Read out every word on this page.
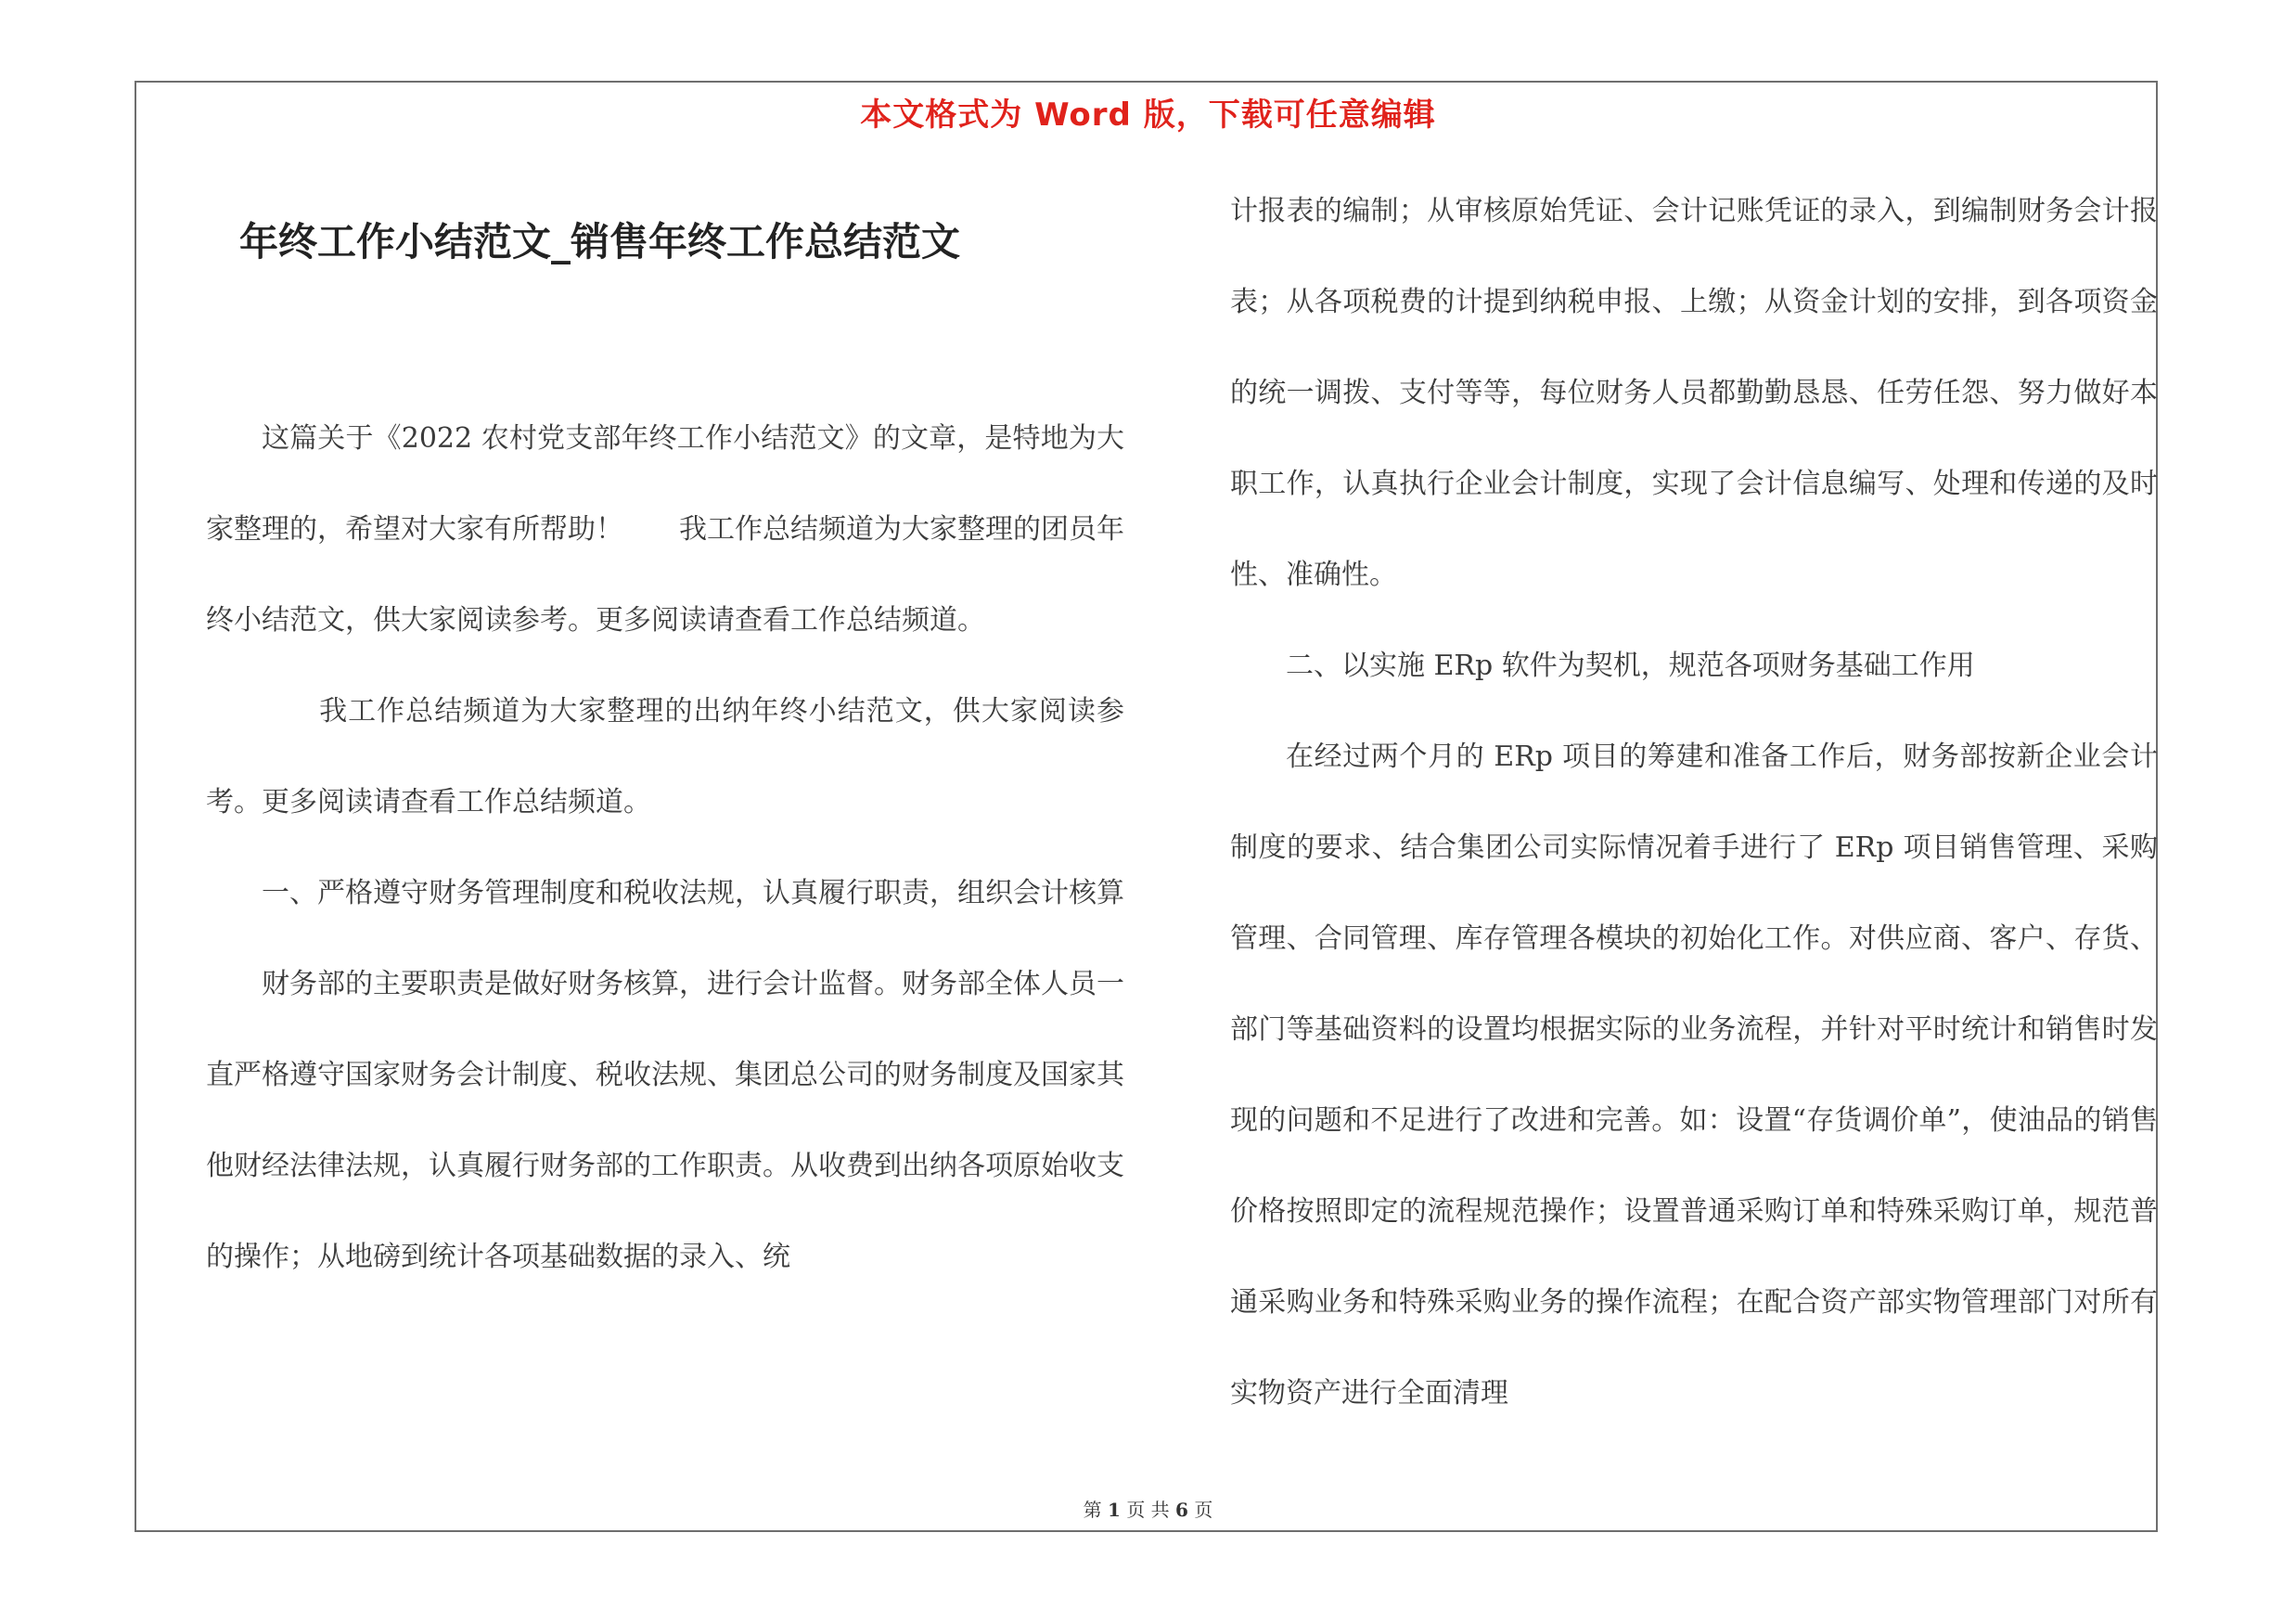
本文格式为 Word 版，下载可任意编辑
年终工作小结范文_销售年终工作总结范文

这篇关于《2022 农村党支部年终工作小结范文》的文章，是特地为大家整理的，希望对大家有所帮助！　　我工作总结频道为大家整理的团员年终小结范文，供大家阅读参考。更多阅读请查看工作总结频道。

　　我工作总结频道为大家整理的出纳年终小结范文，供大家阅读参考。更多阅读请查看工作总结频道。

一、严格遵守财务管理制度和税收法规，认真履行职责，组织会计核算

财务部的主要职责是做好财务核算，进行会计监督。财务部全体人员一直严格遵守国家财务会计制度、税收法规、集团总公司的财务制度及国家其他财经法律法规，认真履行财务部的工作职责。从收费到出纳各项原始收支的操作；从地磅到统计各项基础数据的录入、统

计报表的编制；从审核原始凭证、会计记账凭证的录入，到编制财务会计报表；从各项税费的计提到纳税申报、上缴；从资金计划的安排，到各项资金的统一调拨、支付等等，每位财务人员都勤勤恳恳、任劳任怨、努力做好本职工作，认真执行企业会计制度，实现了会计信息编写、处理和传递的及时性、准确性。

二、以实施 ERp 软件为契机，规范各项财务基础工作用

在经过两个月的 ERp 项目的筹建和准备工作后，财务部按新企业会计制度的要求、结合集团公司实际情况着手进行了 ERp 项目销售管理、采购管理、合同管理、库存管理各模块的初始化工作。对供应商、客户、存货、部门等基础资料的设置均根据实际的业务流程，并针对平时统计和销售时发现的问题和不足进行了改进和完善。如：设置“存货调价单”，使油品的销售价格按照即定的流程规范操作；设置普通采购订单和特殊采购订单，规范普通采购业务和特殊采购业务的操作流程；在配合资产部实物管理部门对所有实物资产进行全面清理

第 1 页 共 6 页
